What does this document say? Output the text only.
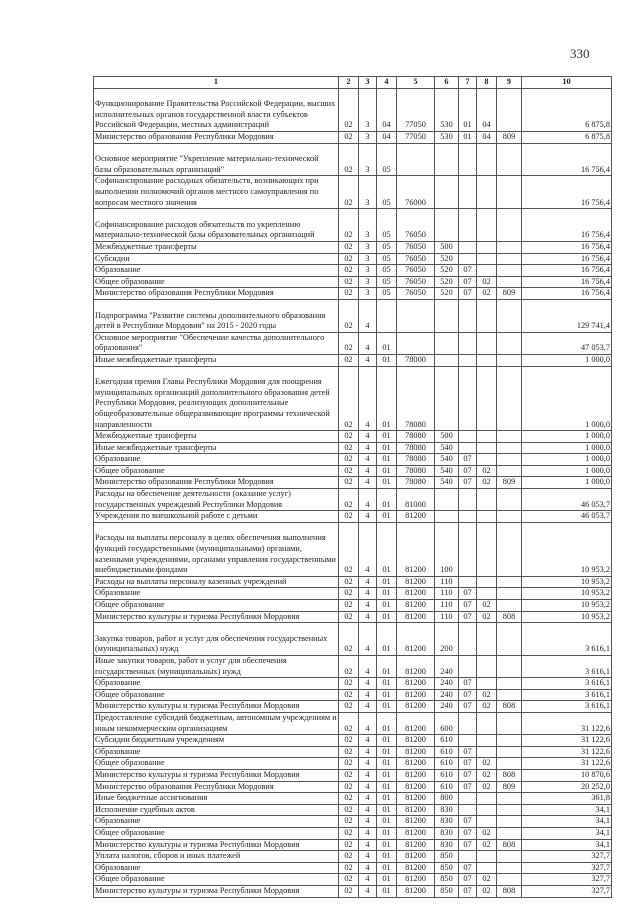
330
1	2	3	4	5	6	7	8	9	10
Функционирование Правительства Российской Федерации, высших исполнительных органов государственной власти субъектов Российской Федерации, местных администраций	02	3	04	77050	530	01	04		6 875,8
Министерство образования Республики Мордовия	02	3	04	77050	530	01	04	809	6 875,8
Основное мероприятие "Укрепление материально-технической базы образовательных организаций"	02	3	05						16 756,4
Софинансирование расходных обязательств, возникающих при выполнении полномочий органов местного самоуправления по вопросам местного значения	02	3	05	76000					16 756,4
Софинансирование расходов обязательств по укреплению материально-технической базы образовательных организаций	02	3	05	76050					16 756,4
Межбюджетные трансферты	02	3	05	76050	500				16 756,4
Субсидии	02	3	05	76050	520				16 756,4
Образование	02	3	05	76050	520	07			16 756,4
Общее образование	02	3	05	76050	520	07	02		16 756,4
Министерство образования Республики Мордовия	02	3	05	76050	520	07	02	809	16 756,4
Подпрограмма "Развитие системы дополнительного образования детей в Республике Мордовия" на 2015 - 2020 годы	02	4							129 741,4
Основное мероприятие "Обеспечение качества дополнительного образования"	02	4	01						47 053,7
Иные межбюджетные трансферты	02	4	01	78000					1 000,0
Ежегодная премия Главы Республики Мордовия для поощрения муниципальных организаций дополнительного образования детей Республики Мордовия, реализующих дополнительные общеобразовательные общеразвивающие программы технической направленности	02	4	01	78080					1 000,0
Межбюджетные трансферты	02	4	01	78080	500				1 000,0
Иные межбюджетные трансферты	02	4	01	78080	540				1 000,0
Образование	02	4	01	78080	540	07			1 000,0
Общее образование	02	4	01	78080	540	07	02		1 000,0
Министерство образования Республики Мордовия	02	4	01	78080	540	07	02	809	1 000,0
Расходы на обеспечение деятельности (оказание услуг) государственных учреждений Республики Мордовия	02	4	01	81000					46 053,7
Учреждения по внешкольной работе с детьми	02	4	01	81200					46 053,7
Расходы на выплаты персоналу в целях обеспечения выполнения функций государственными (муниципальными) органами, казенными учреждениями, органами управления государственными внебюджетными фондами	02	4	01	81200	100				10 953,2
Расходы на выплаты персоналу казенных учреждений	02	4	01	81200	110				10 953,2
Образование	02	4	01	81200	110	07			10 953,2
Общее образование	02	4	01	81200	110	07	02		10 953,2
Министерство культуры и туризма Республики Мордовия	02	4	01	81200	110	07	02	808	10 953,2
Закупка товаров, работ и услуг для обеспечения государственных (муниципальных) нужд	02	4	01	81200	200				3 616,1
Иные закупки товаров, работ и услуг для обеспечения государственных (муниципальных) нужд	02	4	01	81200	240				3 616,1
Образование	02	4	01	81200	240	07			3 616,1
Общее образование	02	4	01	81200	240	07	02		3 616,1
Министерство культуры и туризма Республики Мордовия	02	4	01	81200	240	07	02	808	3 616,1
Предоставление субсидий бюджетным, автономным учреждениям и иным некоммерческим организациям	02	4	01	81200	600				31 122,6
Субсидии бюджетным учреждениям	02	4	01	81200	610				31 122,6
Образование	02	4	01	81200	610	07			31 122,6
Общее образование	02	4	01	81200	610	07	02		31 122,6
Министерство культуры и туризма Республики Мордовия	02	4	01	81200	610	07	02	808	10 870,6
Министерство образования Республики Мордовия	02	4	01	81200	610	07	02	809	20 252,0
Иные бюджетные ассигнования	02	4	01	81200	800				361,8
Исполнение судебных актов	02	4	01	81200	830				34,1
Образование	02	4	01	81200	830	07			34,1
Общее образование	02	4	01	81200	830	07	02		34,1
Министерство культуры и туризма Республики Мордовия	02	4	01	81200	830	07	02	808	34,1
Уплата налогов, сборов и иных платежей	02	4	01	81200	850				327,7
Образование	02	4	01	81200	850	07			327,7
Общее образование	02	4	01	81200	850	07	02		327,7
Министерство культуры и туризма Республики Мордовия	02	4	01	81200	850	07	02	808	327,7
